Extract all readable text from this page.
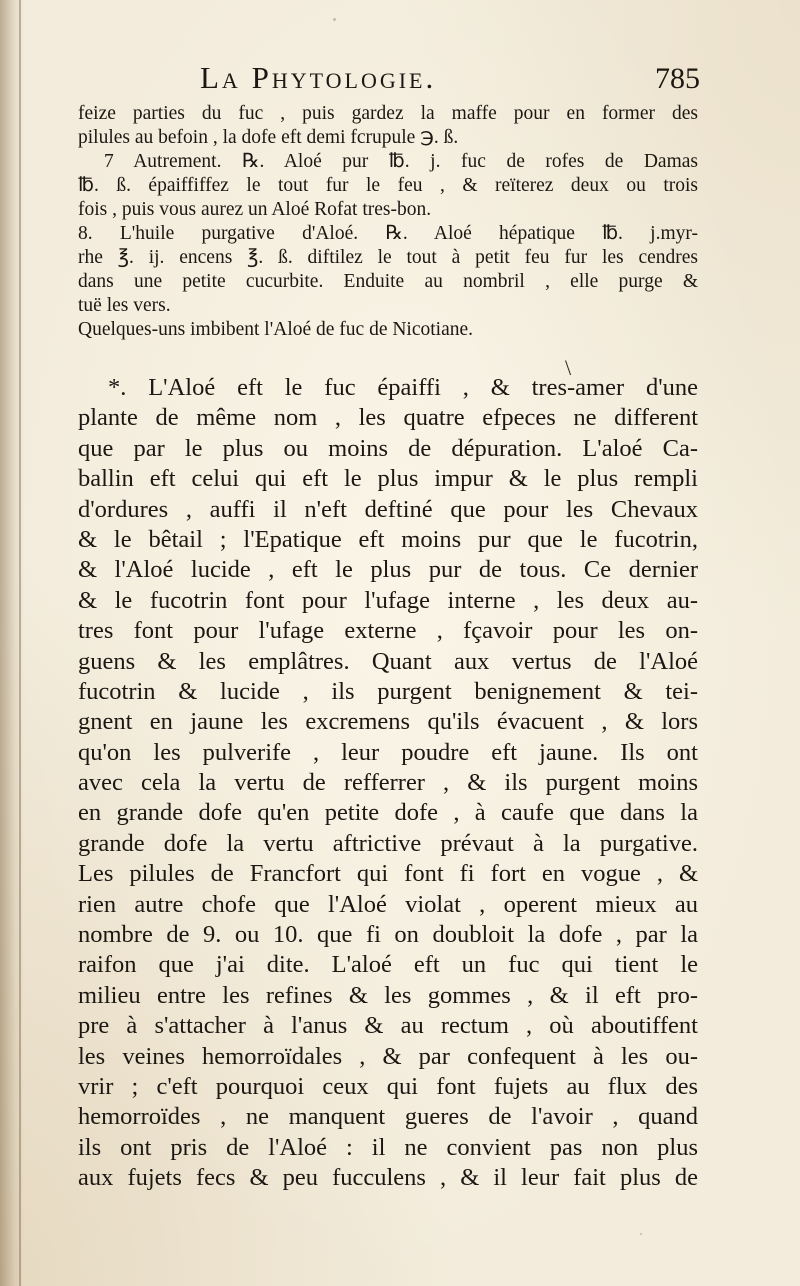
La Phytologie.	785
feize parties du fuc , puis gardez la maffe pour en former des
pilules au befoin , la dofe eft demi fcrupule ℈. ß.
7 Autrement. ℞. Aloé pur ℔. j. fuc de rofes de Damas
℔. ß. épaiffiffez le tout fur le feu , & reïterez deux ou trois
fois , puis vous aurez un Aloé Rofat tres-bon.
8. L'huile purgative d'Aloé. ℞. Aloé hépatique ℔. j.myr-
rhe ℥. ij. encens ℥. ß. diftilez le tout à petit feu fur les cendres
dans une petite cucurbite. Enduite au nombril , elle purge &
tuë les vers.
Quelques-uns imbibent l'Aloé de fuc de Nicotiane.
\
*. L'Aloé eft le fuc épaiffi , & tres-amer d'une
plante de même nom , les quatre efpeces ne different
que par le plus ou moins de dépuration. L'aloé Ca-
ballin eft celui qui eft le plus impur & le plus rempli
d'ordures , auffi il n'eft deftiné que pour les Chevaux
& le bêtail ; l'Epatique eft moins pur que le fucotrin,
& l'Aloé lucide , eft le plus pur de tous. Ce dernier
& le fucotrin font pour l'ufage interne , les deux au-
tres font pour l'ufage externe , fçavoir pour les on-
guens & les emplâtres. Quant aux vertus de l'Aloé
fucotrin & lucide , ils purgent benignement & tei-
gnent en jaune les excremens qu'ils évacuent , & lors
qu'on les pulverife , leur poudre eft jaune. Ils ont
avec cela la vertu de refferrer , & ils purgent moins
en grande dofe qu'en petite dofe , à caufe que dans la
grande dofe la vertu aftrictive prévaut à la purgative.
Les pilules de Francfort qui font fi fort en vogue , &
rien autre chofe que l'Aloé violat , operent mieux au
nombre de 9. ou 10. que fi on doubloit la dofe , par la
raifon que j'ai dite. L'aloé eft un fuc qui tient le
milieu entre les refines & les gommes , & il eft pro-
pre à s'attacher à l'anus & au rectum , où aboutiffent
les veines hemorroïdales , & par confequent à les ou-
vrir ; c'eft pourquoi ceux qui font fujets au flux des
hemorroïdes , ne manquent gueres de l'avoir , quand
ils ont pris de l'Aloé : il ne convient pas non plus
aux fujets fecs & peu fucculens , & il leur fait plus de
